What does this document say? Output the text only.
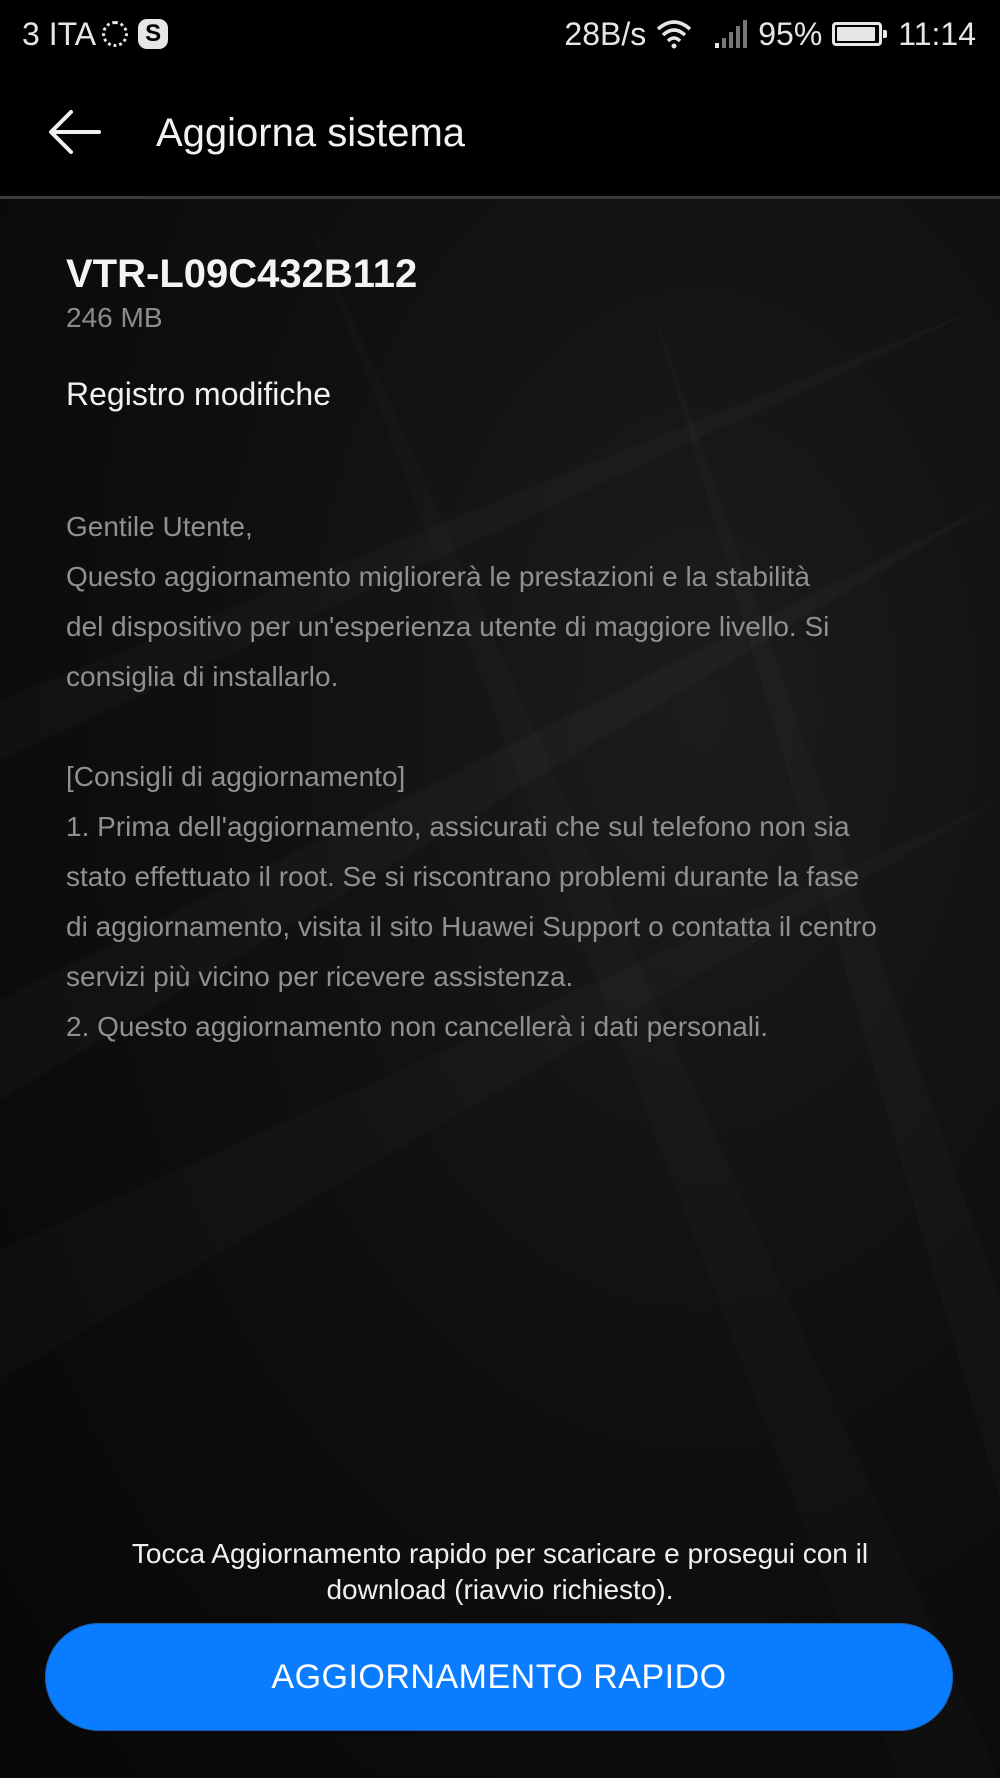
3 ITA S	28B/s	95% 11:14
Aggiorna sistema
VTR-L09C432B112

246 MB

Registro modifiche

Gentile Utente,

Questo aggiornamento migliorerà le prestazioni e la stabilità

del dispositivo per un'esperienza utente di maggiore livello. Si

consiglia di installarlo.

[Consigli di aggiornamento]

1. Prima dell'aggiornamento, assicurati che sul telefono non sia

stato effettuato il root. Se si riscontrano problemi durante la fase

di aggiornamento, visita il sito Huawei Support o contatta il centro

servizi più vicino per ricevere assistenza.

2. Questo aggiornamento non cancellerà i dati personali.

Tocca Aggiornamento rapido per scaricare e prosegui con il
download (riavvio richiesto).
AGGIORNAMENTO RAPIDO
